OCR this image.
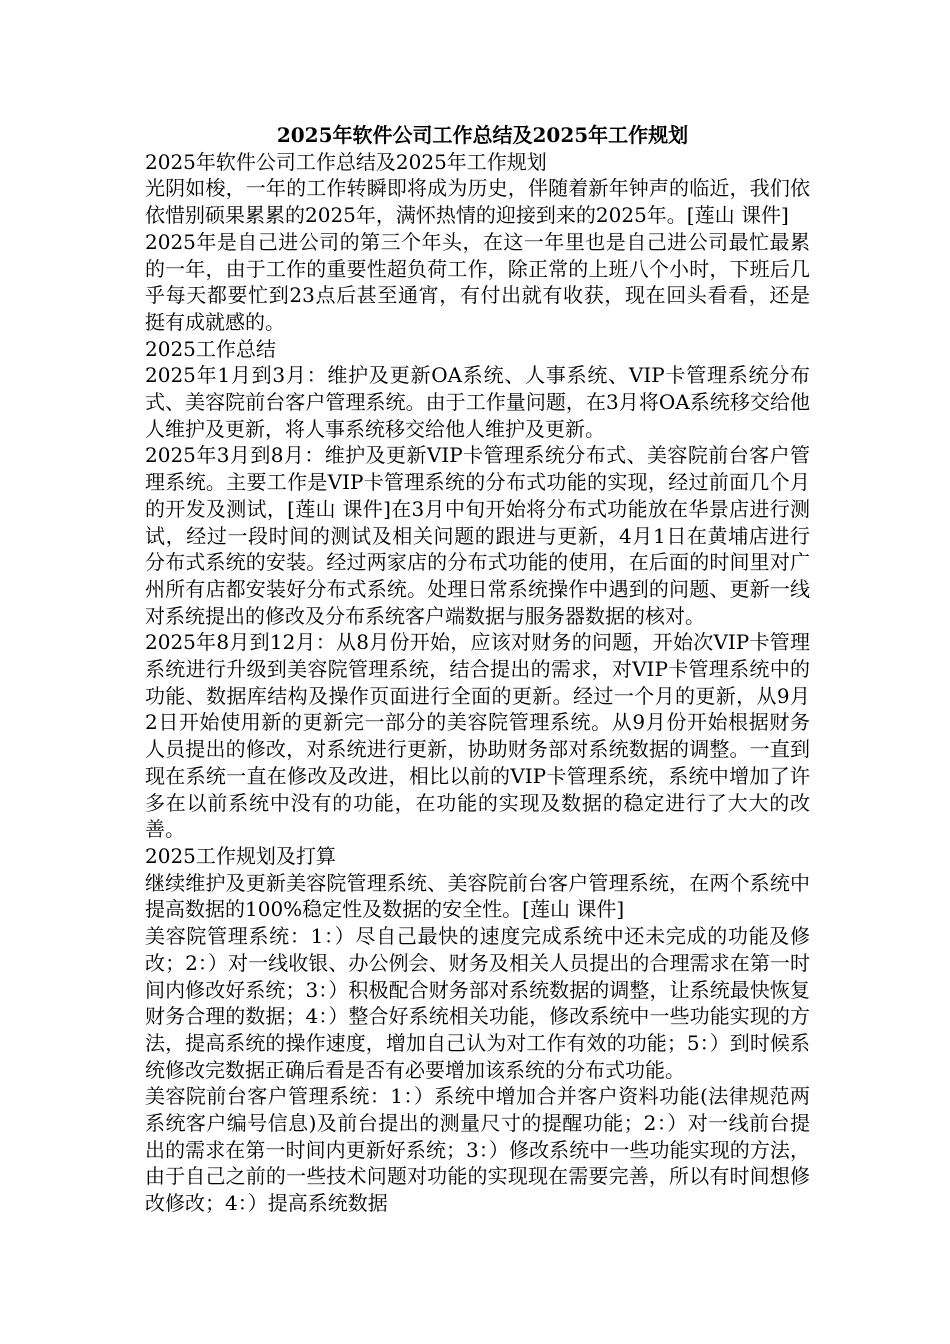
2025年软件公司工作总结及2025年工作规划

2025年软件公司工作总结及2025年工作规划

光阴如梭，一年的工作转瞬即将成为历史，伴随着新年钟声的临近，我们依依惜别硕果累累的2025年，满怀热情的迎接到来的2025年。[莲山 课件]

2025年是自己进公司的第三个年头，在这一年里也是自己进公司最忙最累的一年，由于工作的重要性超负荷工作，除正常的上班八个小时，下班后几乎每天都要忙到23点后甚至通宵，有付出就有收获，现在回头看看，还是挺有成就感的。

2025工作总结

2025年1月到3月：维护及更新OA系统、人事系统、VIP卡管理系统分布式、美容院前台客户管理系统。由于工作量问题，在3月将OA系统移交给他人维护及更新，将人事系统移交给他人维护及更新。

2025年3月到8月：维护及更新VIP卡管理系统分布式、美容院前台客户管理系统。主要工作是VIP卡管理系统的分布式功能的实现，经过前面几个月的开发及测试，[莲山 课件]在3月中旬开始将分布式功能放在华景店进行测试，经过一段时间的测试及相关问题的跟进与更新，4月1日在黄埔店进行分布式系统的安装。经过两家店的分布式功能的使用，在后面的时间里对广州所有店都安装好分布式系统。处理日常系统操作中遇到的问题、更新一线对系统提出的修改及分布系统客户端数据与服务器数据的核对。

2025年8月到12月：从8月份开始，应该对财务的问题，开始次VIP卡管理系统进行升级到美容院管理系统，结合提出的需求，对VIP卡管理系统中的功能、数据库结构及操作页面进行全面的更新。经过一个月的更新，从9月2日开始使用新的更新完一部分的美容院管理系统。从9月份开始根据财务人员提出的修改，对系统进行更新，协助财务部对系统数据的调整。一直到现在系统一直在修改及改进，相比以前的VIP卡管理系统，系统中增加了许多在以前系统中没有的功能，在功能的实现及数据的稳定进行了大大的改善。

2025工作规划及打算

继续维护及更新美容院管理系统、美容院前台客户管理系统，在两个系统中提高数据的100%稳定性及数据的安全性。[莲山 课件]

美容院管理系统：1：）尽自己最快的速度完成系统中还未完成的功能及修改；2：）对一线收银、办公例会、财务及相关人员提出的合理需求在第一时间内修改好系统；3：）积极配合财务部对系统数据的调整，让系统最快恢复财务合理的数据；4：）整合好系统相关功能，修改系统中一些功能实现的方法，提高系统的操作速度，增加自己认为对工作有效的功能；5：）到时候系统修改完数据正确后看是否有必要增加该系统的分布式功能。

美容院前台客户管理系统：1：）系统中增加合并客户资料功能(法律规范两系统客户编号信息)及前台提出的测量尺寸的提醒功能；2：）对一线前台提出的需求在第一时间内更新好系统；3：）修改系统中一些功能实现的方法，由于自己之前的一些技术问题对功能的实现现在需要完善，所以有时间想修改修改；4：）提高系统数据
